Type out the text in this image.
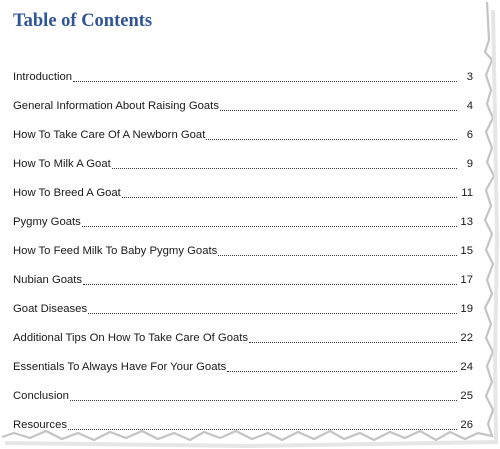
Table of Contents
Introduction	3
General Information About Raising Goats	4
How To Take Care Of A Newborn Goat	6
How To Milk A Goat	9
How To Breed A Goat	11
Pygmy Goats	13
How To Feed Milk To Baby Pygmy Goats	15
Nubian Goats	17
Goat Diseases	19
Additional Tips On How To Take Care Of Goats	22
Essentials To Always Have For Your Goats	24
Conclusion	25
Resources	26
